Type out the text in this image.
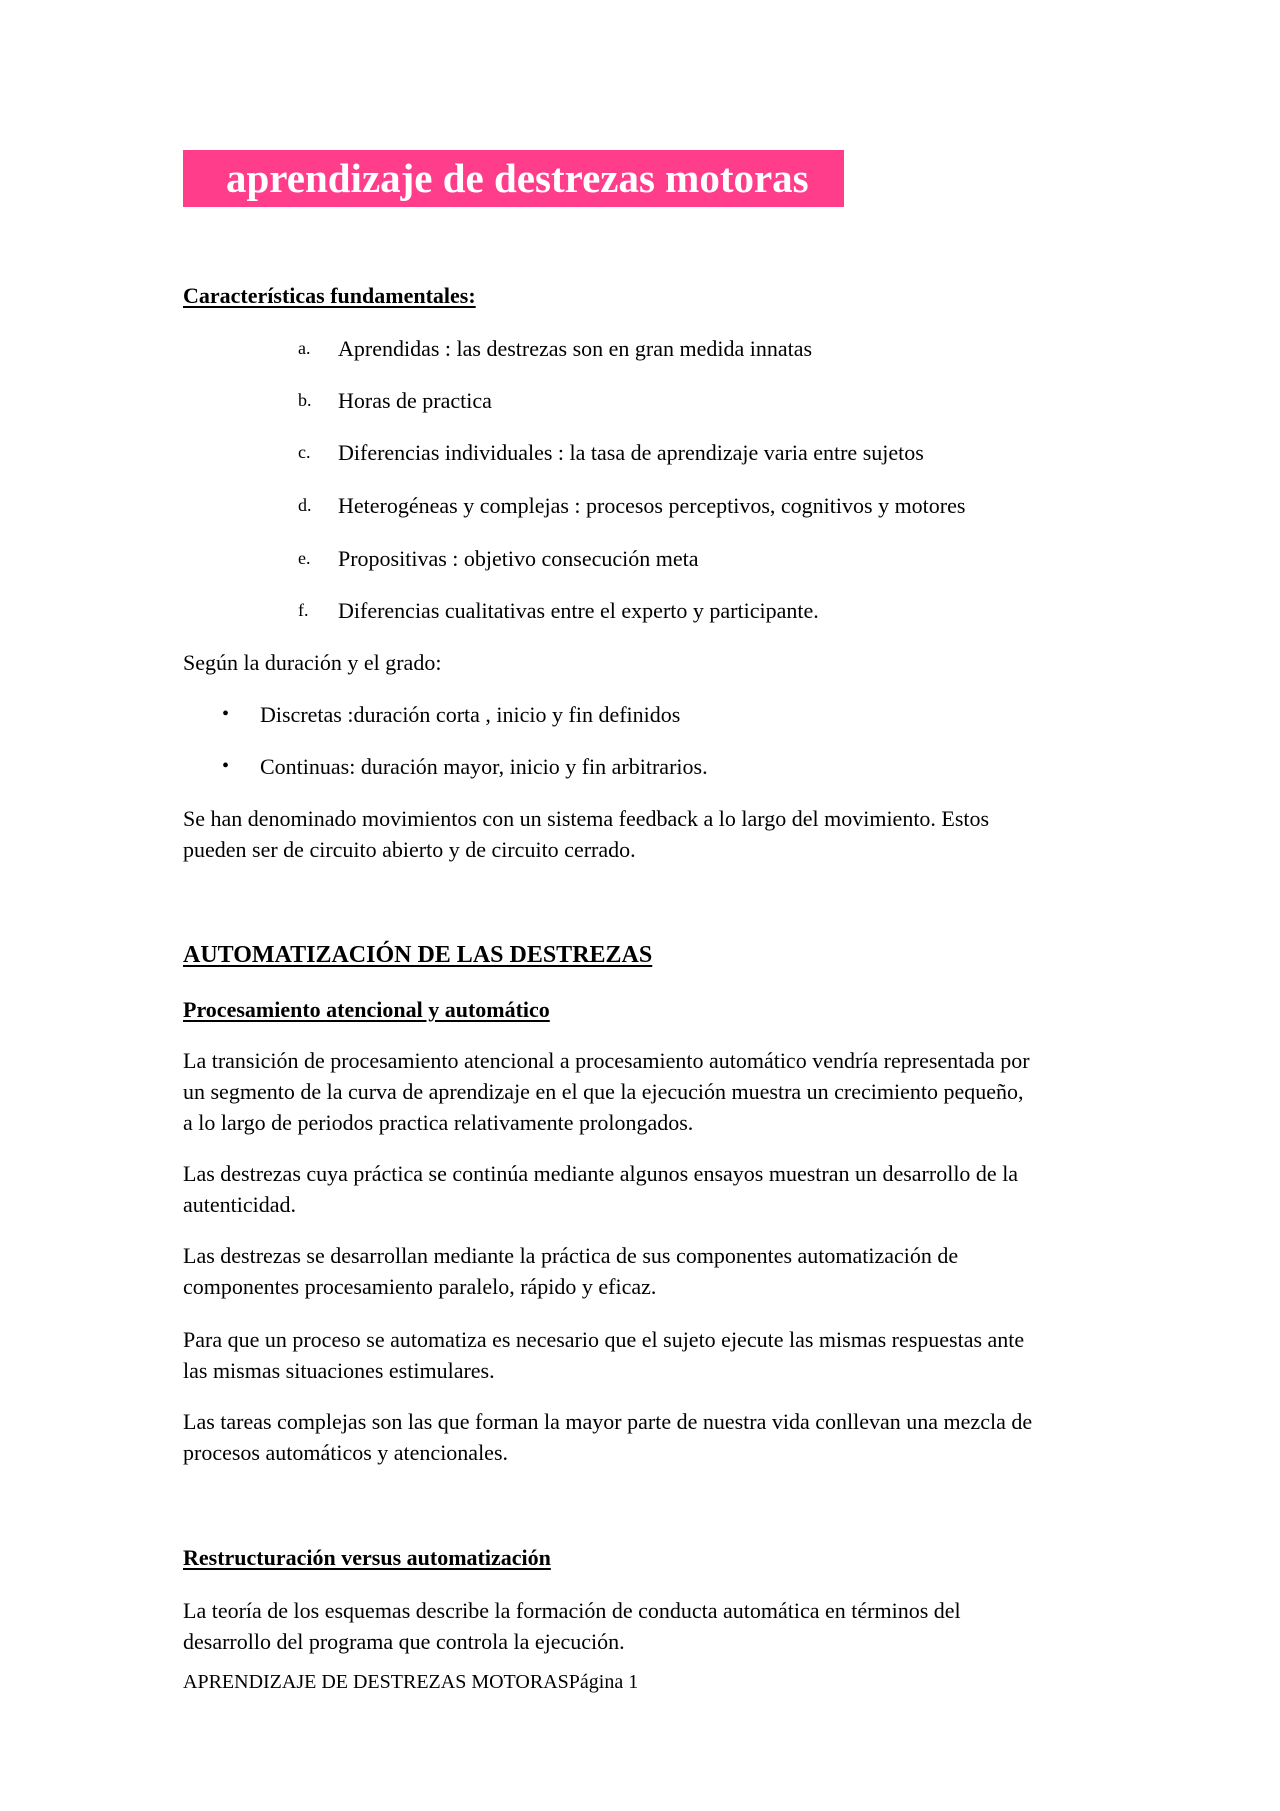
aprendizaje de destrezas motoras
Características fundamentales:
a. Aprendidas : las destrezas son en gran medida innatas
b. Horas de practica
c. Diferencias individuales : la tasa de aprendizaje varia entre sujetos
d. Heterogéneas y complejas : procesos perceptivos, cognitivos y motores
e. Propositivas : objetivo consecución meta
f. Diferencias cualitativas entre el experto y participante.
Según la duración y el grado:
• Discretas :duración corta , inicio y fin definidos
• Continuas: duración mayor, inicio y fin arbitrarios.
Se han denominado movimientos con un sistema feedback a lo largo del movimiento. Estos
pueden ser de circuito abierto y de circuito cerrado.
AUTOMATIZACIÓN DE LAS DESTREZAS
Procesamiento atencional y automático
La transición de procesamiento atencional a procesamiento automático vendría representada por
un segmento de la curva de aprendizaje en el que la ejecución muestra un crecimiento pequeño,
a lo largo de periodos practica relativamente prolongados.
Las destrezas cuya práctica se continúa mediante algunos ensayos muestran un desarrollo de la
autenticidad.
Las destrezas se desarrollan mediante la práctica de sus componentes automatización de
componentes procesamiento paralelo, rápido y eficaz.
Para que un proceso se automatiza es necesario que el sujeto ejecute las mismas respuestas ante
las mismas situaciones estimulares.
Las tareas complejas son las que forman la mayor parte de nuestra vida conllevan una mezcla de
procesos automáticos y atencionales.
Restructuración versus automatización
La teoría de los esquemas describe la formación de conducta automática en términos del
desarrollo del programa que controla la ejecución.
APRENDIZAJE DE DESTREZAS MOTORASPágina 1
